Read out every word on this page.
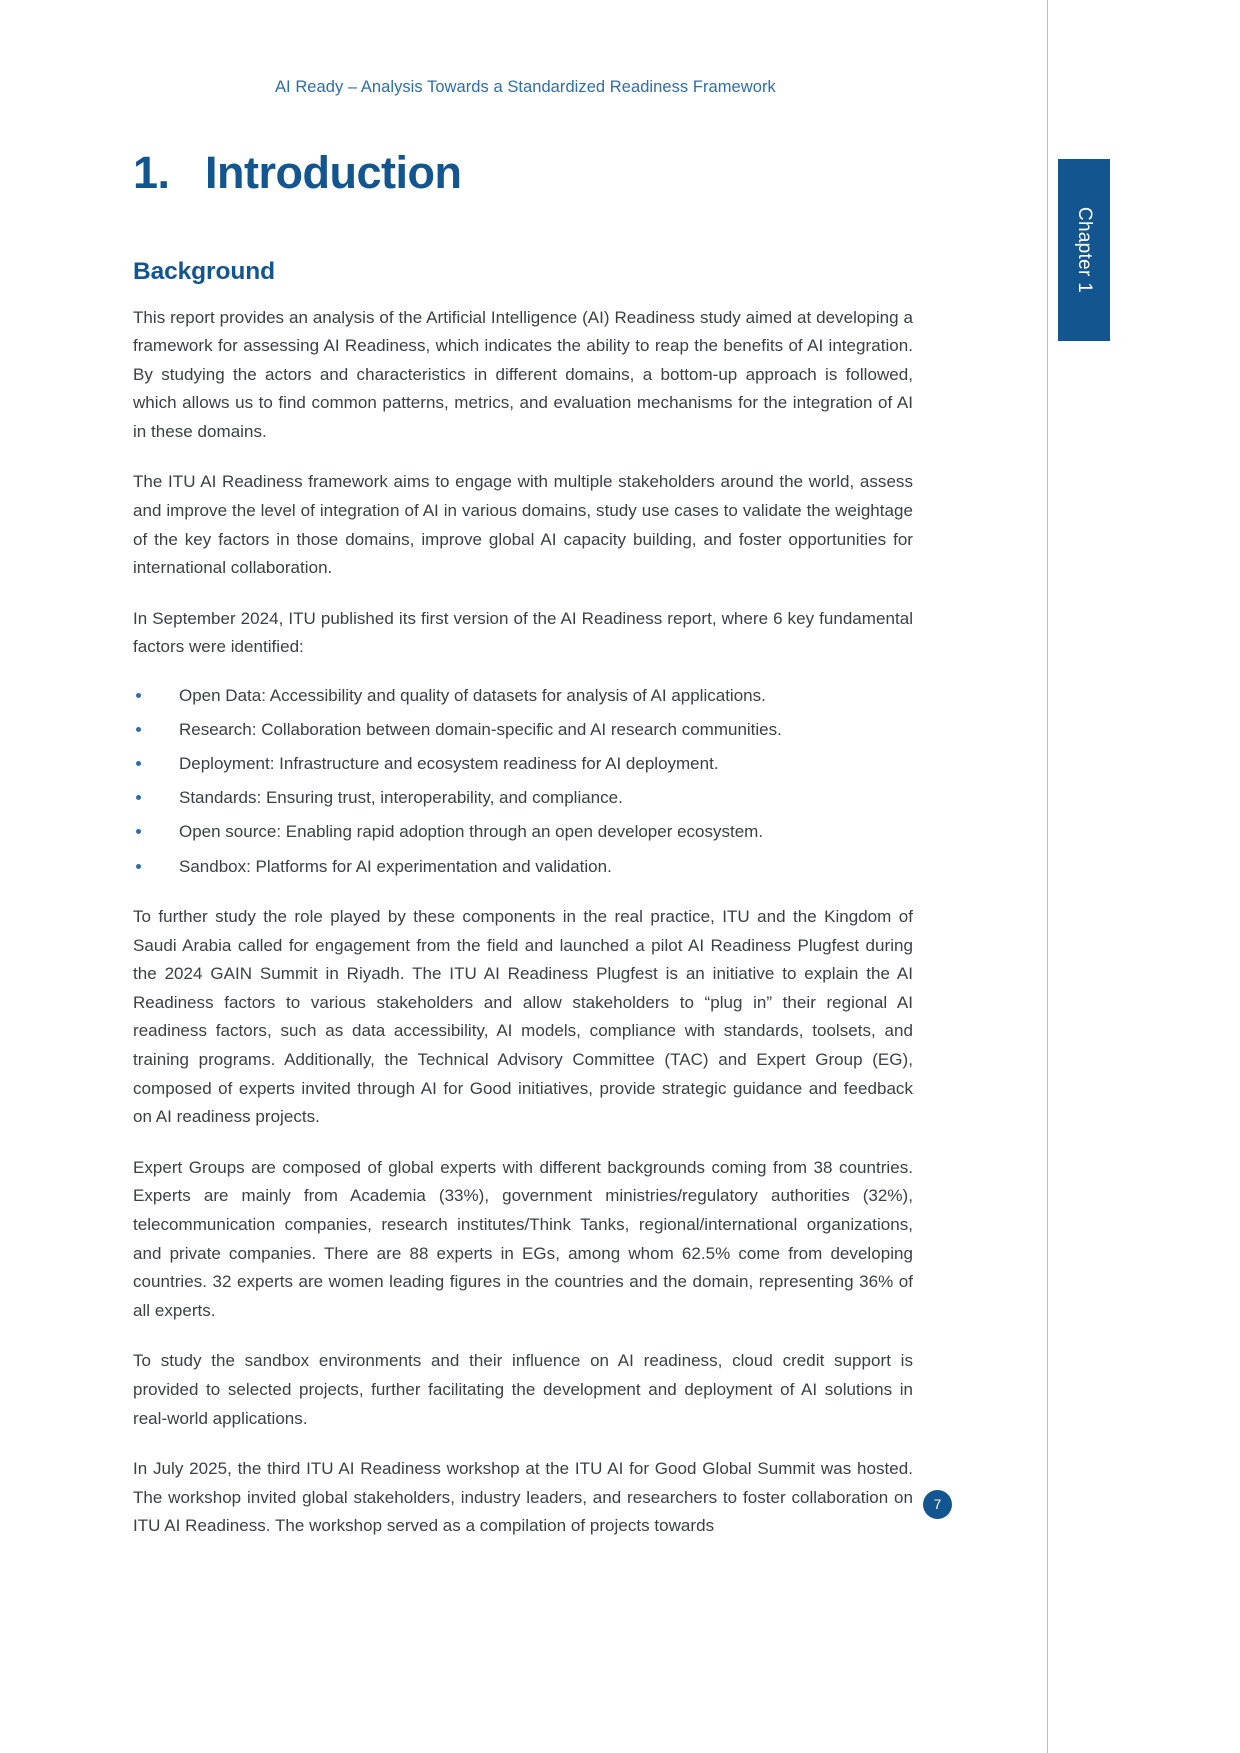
AI Ready – Analysis Towards a Standardized Readiness Framework
Chapter 1
1. Introduction
Background

This report provides an analysis of the Artificial Intelligence (AI) Readiness study aimed at developing a framework for assessing AI Readiness, which indicates the ability to reap the benefits of AI integration. By studying the actors and characteristics in different domains, a bottom-up approach is followed, which allows us to find common patterns, metrics, and evaluation mechanisms for the integration of AI in these domains.

The ITU AI Readiness framework aims to engage with multiple stakeholders around the world, assess and improve the level of integration of AI in various domains, study use cases to validate the weightage of the key factors in those domains, improve global AI capacity building, and foster opportunities for international collaboration.

In September 2024, ITU published its first version of the AI Readiness report, where 6 key fundamental factors were identified:

Open Data: Accessibility and quality of datasets for analysis of AI applications.
Research: Collaboration between domain-specific and AI research communities.
Deployment: Infrastructure and ecosystem readiness for AI deployment.
Standards: Ensuring trust, interoperability, and compliance.
Open source: Enabling rapid adoption through an open developer ecosystem.
Sandbox: Platforms for AI experimentation and validation.

To further study the role played by these components in the real practice, ITU and the Kingdom of Saudi Arabia called for engagement from the field and launched a pilot AI Readiness Plugfest during the 2024 GAIN Summit in Riyadh. The ITU AI Readiness Plugfest is an initiative to explain the AI Readiness factors to various stakeholders and allow stakeholders to “plug in” their regional AI readiness factors, such as data accessibility, AI models, compliance with standards, toolsets, and training programs. Additionally, the Technical Advisory Committee (TAC) and Expert Group (EG), composed of experts invited through AI for Good initiatives, provide strategic guidance and feedback on AI readiness projects.

Expert Groups are composed of global experts with different backgrounds coming from 38 countries. Experts are mainly from Academia (33%), government ministries/regulatory authorities (32%), telecommunication companies, research institutes/Think Tanks, regional/international organizations, and private companies. There are 88 experts in EGs, among whom 62.5% come from developing countries. 32 experts are women leading figures in the countries and the domain, representing 36% of all experts.

To study the sandbox environments and their influence on AI readiness, cloud credit support is provided to selected projects, further facilitating the development and deployment of AI solutions in real-world applications.

In July 2025, the third ITU AI Readiness workshop at the ITU AI for Good Global Summit was hosted. The workshop invited global stakeholders, industry leaders, and researchers to foster collaboration on ITU AI Readiness. The workshop served as a compilation of projects towards

7
